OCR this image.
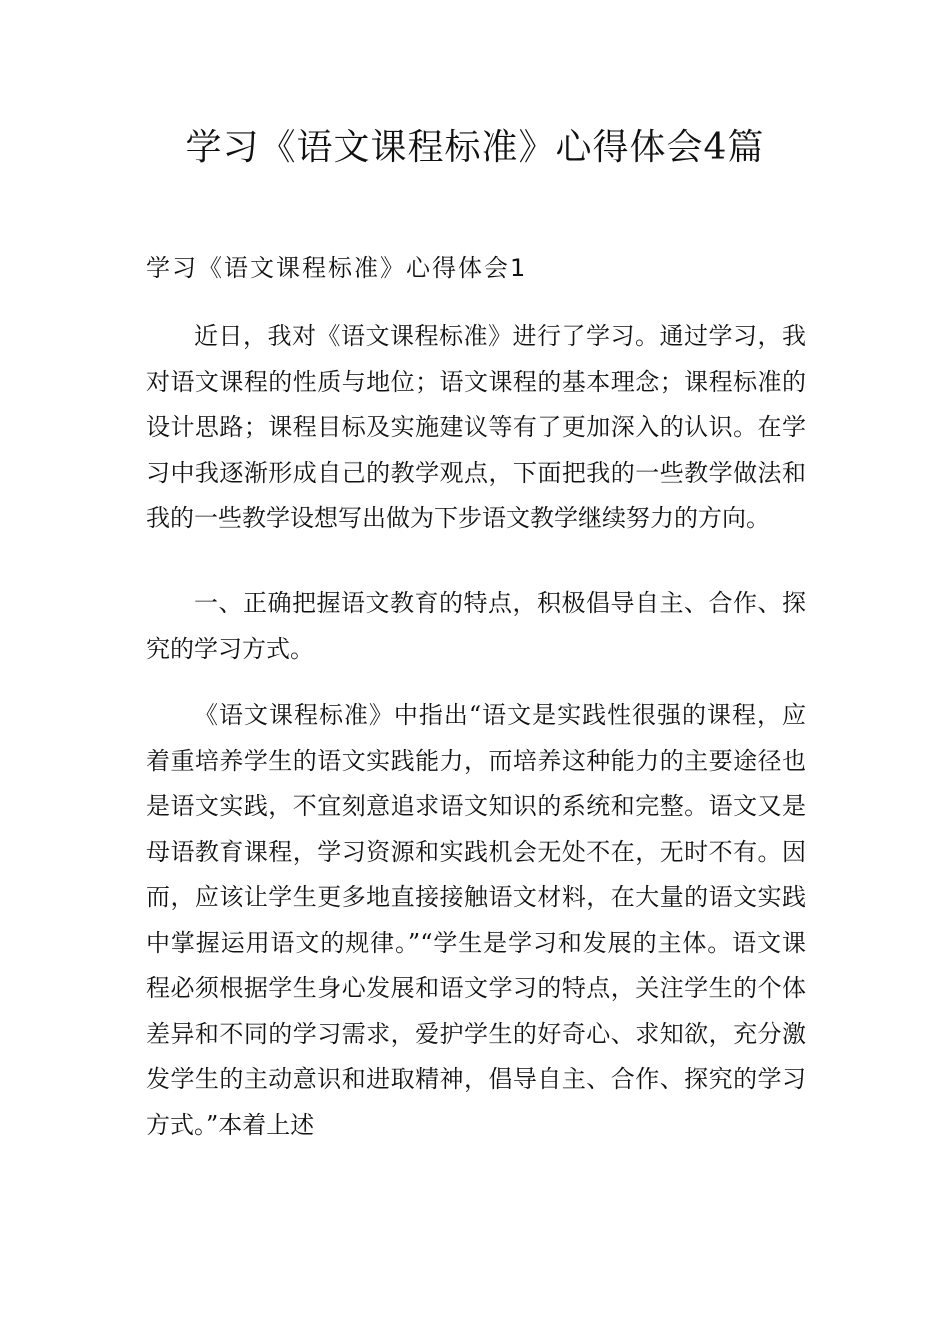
学习《语文课程标准》心得体会4篇
学习《语文课程标准》心得体会1

近日，我对《语文课程标准》进行了学习。通过学习，我对语文课程的性质与地位；语文课程的基本理念；课程标准的设计思路；课程目标及实施建议等有了更加深入的认识。在学习中我逐渐形成自己的教学观点，下面把我的一些教学做法和我的一些教学设想写出做为下步语文教学继续努力的方向。

一、正确把握语文教育的特点，积极倡导自主、合作、探究的学习方式。

《语文课程标准》中指出“语文是实践性很强的课程，应着重培养学生的语文实践能力，而培养这种能力的主要途径也是语文实践，不宜刻意追求语文知识的系统和完整。语文又是母语教育课程，学习资源和实践机会无处不在，无时不有。因而，应该让学生更多地直接接触语文材料，在大量的语文实践中掌握运用语文的规律。”“学生是学习和发展的主体。语文课程必须根据学生身心发展和语文学习的特点，关注学生的个体差异和不同的学习需求，爱护学生的好奇心、求知欲，充分激发学生的主动意识和进取精神，倡导自主、合作、探究的学习方式。”本着上述
